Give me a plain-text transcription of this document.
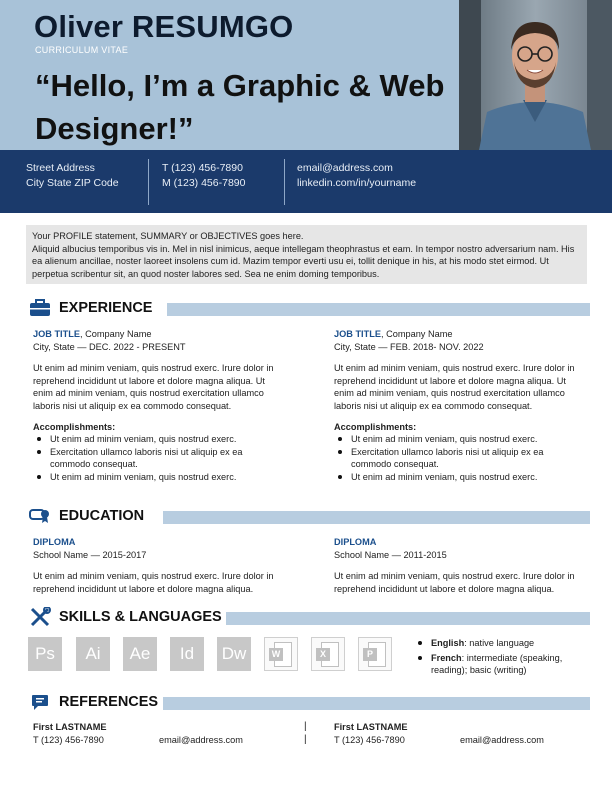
Oliver RESUMGO
CURRICULUM VITAE
“Hello, I’m a Graphic & Web Designer!”
Street Address
City State ZIP Code
T (123) 456-7890
M (123) 456-7890
email@address.com
linkedin.com/in/yourname
Your PROFILE statement, SUMMARY or OBJECTIVES goes here.
Aliquid albucius temporibus vis in. Mel in nisl inimicus, aeque intellegam theophrastus et eam. In tempor nostro adversarium nam. His ea alienum ancillae, noster laoreet insolens cum id. Mazim tempor everti usu ei, tollit denique in his, at his modo stet eirmod. Ut perpetua scribentur sit, an quod noster labores sed. Sea ne enim doming temporibus.
EXPERIENCE
JOB TITLE, Company Name
City, State — DEC. 2022 - PRESENT
Ut enim ad minim veniam, quis nostrud exerc. Irure dolor in reprehend incididunt ut labore et dolore magna aliqua. Ut enim ad minim veniam, quis nostrud exercitation ullamco laboris nisi ut aliquip ex ea commodo consequat.
Accomplishments:
Ut enim ad minim veniam, quis nostrud exerc.
Exercitation ullamco laboris nisi ut aliquip ex ea commodo consequat.
Ut enim ad minim veniam, quis nostrud exerc.
JOB TITLE, Company Name
City, State — FEB. 2018- NOV. 2022
Ut enim ad minim veniam, quis nostrud exerc. Irure dolor in reprehend incididunt ut labore et dolore magna aliqua. Ut enim ad minim veniam, quis nostrud exercitation ullamco laboris nisi ut aliquip ex ea commodo consequat.
Accomplishments:
Ut enim ad minim veniam, quis nostrud exerc.
Exercitation ullamco laboris nisi ut aliquip ex ea commodo consequat.
Ut enim ad minim veniam, quis nostrud exerc.
EDUCATION
DIPLOMA
School Name — 2015-2017
Ut enim ad minim veniam, quis nostrud exerc. Irure dolor in reprehend incididunt ut labore et dolore magna aliqua.
DIPLOMA
School Name — 2011-2015
Ut enim ad minim veniam, quis nostrud exerc. Irure dolor in reprehend incididunt ut labore et dolore magna aliqua.
SKILLS & LANGUAGES
Ps	Ai	Ae	Id	Dw	W	X	P
English: native language
French: intermediate (speaking, reading); basic (writing)
REFERENCES
First LASTNAME
T (123) 456-7890	email@address.com
|
|
First LASTNAME
T (123) 456-7890	email@address.com
